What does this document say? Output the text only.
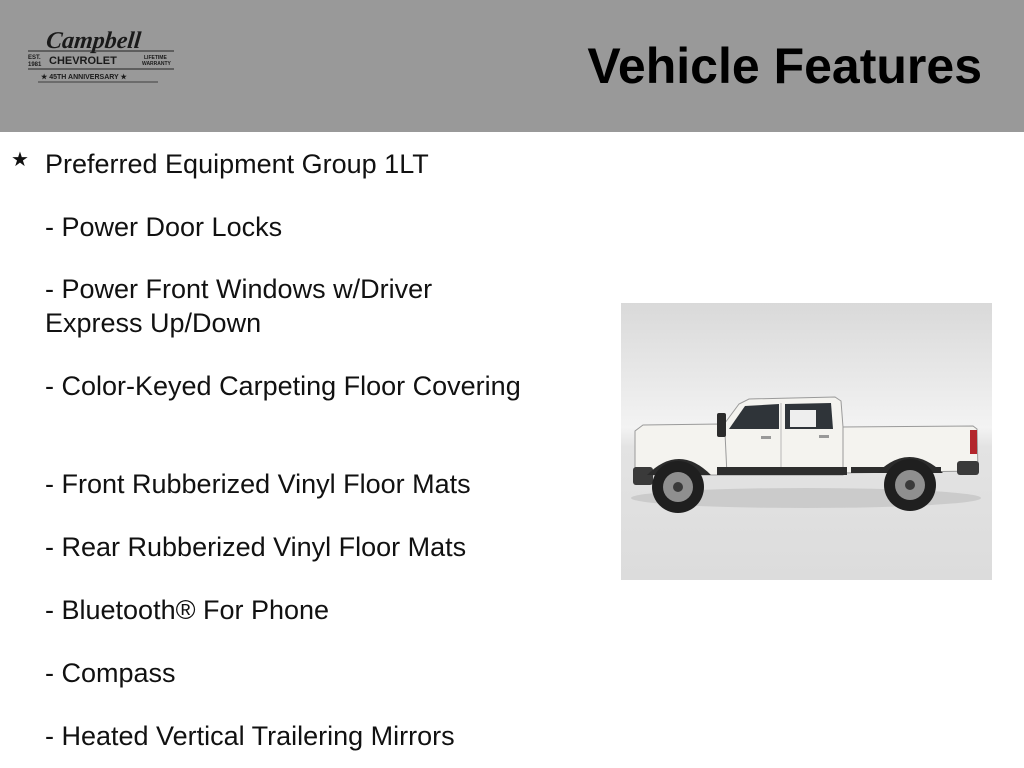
Campbell
EST.
1981 CHEVROLET	LIFETIME
WARRANTY
★ 45TH ANNIVERSARY ★	Vehicle Features
★ Preferred Equipment Group 1LT

- Power Door Locks

- Power Front Windows w/Driver Express Up/Down

- Color-Keyed Carpeting Floor Covering

- Front Rubberized Vinyl Floor Mats

- Rear Rubberized Vinyl Floor Mats

- Bluetooth® For Phone

- Compass

- Heated Vertical Trailering Mirrors
